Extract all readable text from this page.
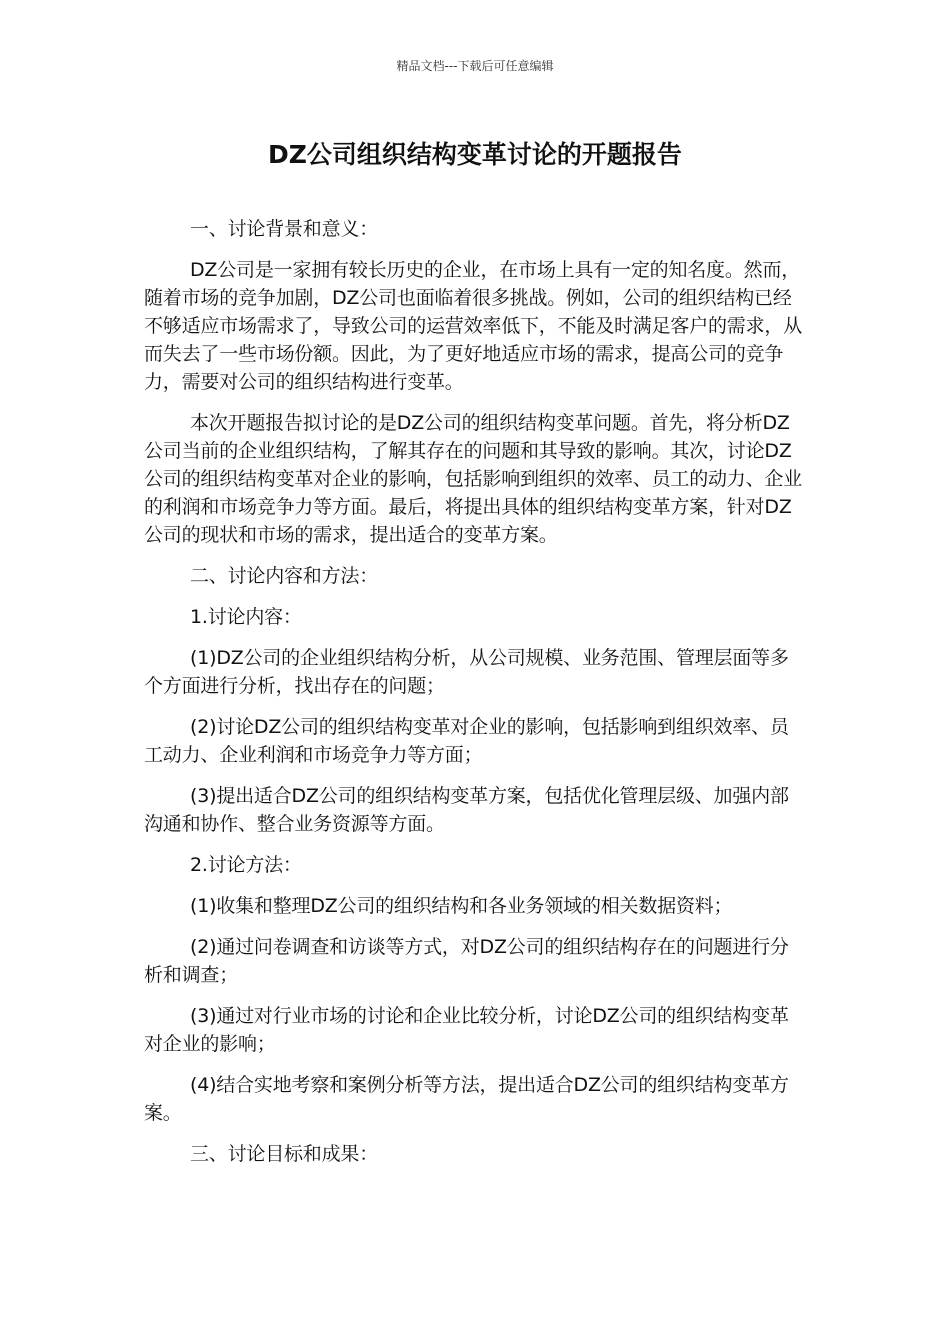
精品文档---下载后可任意编辑
DZ公司组织结构变革讨论的开题报告

一、讨论背景和意义：

DZ公司是一家拥有较长历史的企业，在市场上具有一定的知名度。然而，随着市场的竞争加剧，DZ公司也面临着很多挑战。例如，公司的组织结构已经不够适应市场需求了，导致公司的运营效率低下，不能及时满足客户的需求，从而失去了一些市场份额。因此，为了更好地适应市场的需求，提高公司的竞争力，需要对公司的组织结构进行变革。

本次开题报告拟讨论的是DZ公司的组织结构变革问题。首先，将分析DZ公司当前的企业组织结构，了解其存在的问题和其导致的影响。其次，讨论DZ公司的组织结构变革对企业的影响，包括影响到组织的效率、员工的动力、企业的利润和市场竞争力等方面。最后，将提出具体的组织结构变革方案，针对DZ公司的现状和市场的需求，提出适合的变革方案。

二、讨论内容和方法：

1.讨论内容：

(1)DZ公司的企业组织结构分析，从公司规模、业务范围、管理层面等多个方面进行分析，找出存在的问题；

(2)讨论DZ公司的组织结构变革对企业的影响，包括影响到组织效率、员工动力、企业利润和市场竞争力等方面；

(3)提出适合DZ公司的组织结构变革方案，包括优化管理层级、加强内部沟通和协作、整合业务资源等方面。

2.讨论方法：

(1)收集和整理DZ公司的组织结构和各业务领域的相关数据资料；

(2)通过问卷调查和访谈等方式，对DZ公司的组织结构存在的问题进行分析和调查；

(3)通过对行业市场的讨论和企业比较分析，讨论DZ公司的组织结构变革对企业的影响；

(4)结合实地考察和案例分析等方法，提出适合DZ公司的组织结构变革方案。

三、讨论目标和成果：
